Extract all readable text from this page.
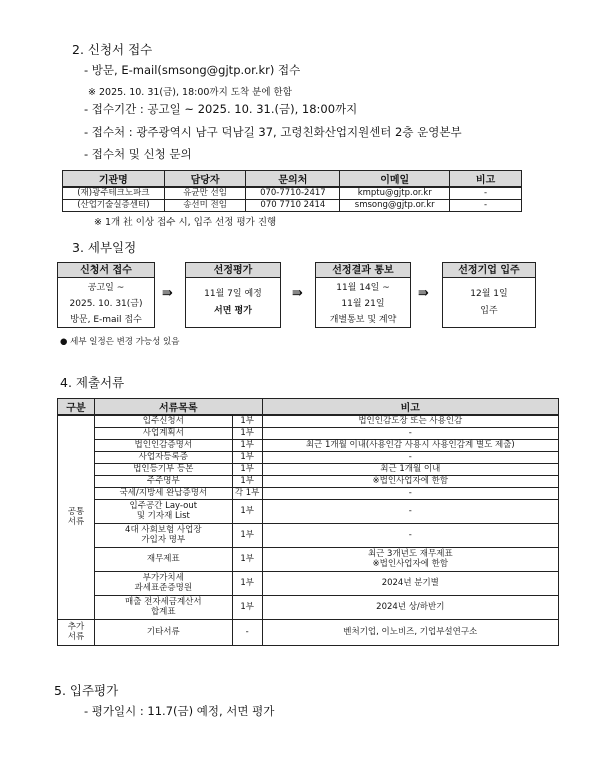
2. 신청서 접수
- 방문, E-mail(smsong@gjtp.or.kr) 접수
※ 2025. 10. 31(금), 18:00까지 도착 분에 한함
- 접수기간 : 공고일 ~ 2025. 10. 31.(금), 18:00까지
- 접수처 : 광주광역시 남구 덕남길 37, 고령친화산업지원센터 2층 운영본부
- 접수처 및 신청 문의
기관명	담당자	문의처	이메일	비고
(재)광주테크노파크	유균만 선임	070-7710-2417	kmptu@gjtp.or.kr	-
(산업기술실증센터)	송선미 전임	070 7710 2414	smsong@gjtp.or.kr	-
※ 1개 社 이상 접수 시, 입주 선정 평가 진행
3. 세부일정
신청서 접수
공고일 ~
2025. 10. 31(금)
방문, E-mail 접수
⇛
선정평가
11월 7일 예정
서면 평가
⇛
선정결과 통보
11월 14일 ~
11월 21일
개별통보 및 계약
⇛
선정기업 입주
12월 1일
입주
● 세부 일정은 변경 가능성 있음
4. 제출서류
구분	서류목록		비고
공통
서류	입주신청서	1부	법인인감도장 또는 사용인감
	사업계획서	1부	-
	법인인감증명서	1부	최근 1개월 이내(사용인감 사용시 사용인감계 별도 제출)
	사업자등록증	1부	-
	법인등기부 등본	1부	최근 1개월 이내
	주주명부	1부	※법인사업자에 한함
	국세/지방세 완납증명서	각 1부	-
	입주공간 Lay-out
및 기자재 List	1부	-
	4대 사회보험 사업장
가입자 명부	1부	-
	재무제표	1부	최근 3개년도 재무제표
※법인사업자에 한함
	부가가치세
과세표준증명원	1부	2024년 분기별
	매출 전자세금계산서
합계표	1부	2024년 상/하반기
추가
서류	기타서류	-	벤처기업, 이노비즈, 기업부설연구소
5. 입주평가
- 평가일시 : 11.7(금) 예정, 서면 평가
